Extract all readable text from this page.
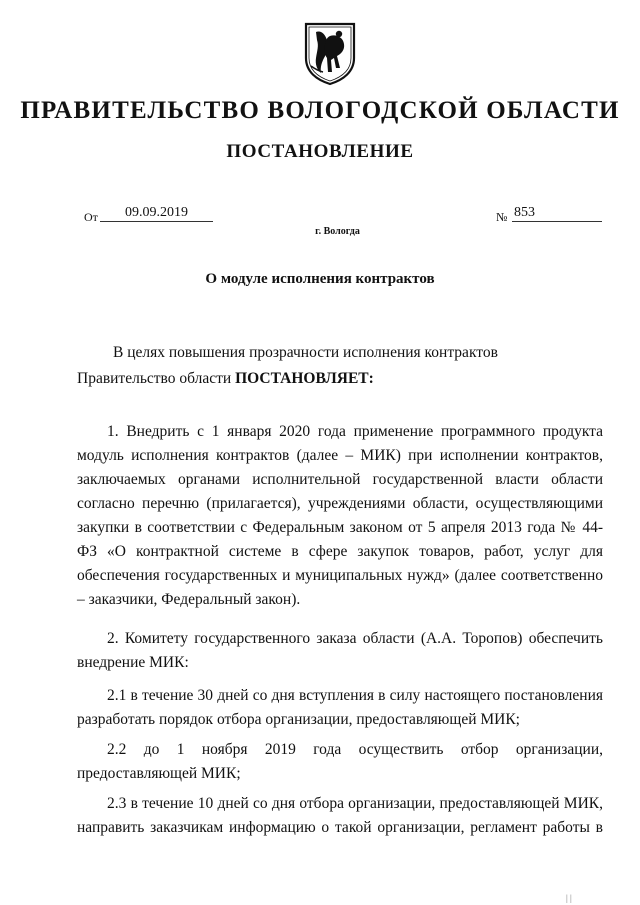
ПРАВИТЕЛЬСТВО ВОЛОГОДСКОЙ ОБЛАСТИ
ПОСТАНОВЛЕНИЕ
От	09.09.2019	№ 853
г. Вологда
О модуле исполнения контрактов
В целях повышения прозрачности исполнения контрактов
Правительство области ПОСТАНОВЛЯЕТ:

1. Внедрить с 1 января 2020 года применение программного продукта модуль исполнения контрактов (далее – МИК) при исполнении контрактов, заключаемых органами исполнительной государственной власти области согласно перечню (прилагается), учреждениями области, осуществляющими закупки в соответствии с Федеральным законом от 5 апреля 2013 года № 44-ФЗ «О контрактной системе в сфере закупок товаров, работ, услуг для обеспечения государственных и муниципальных нужд» (далее соответственно – заказчики, Федеральный закон).

2. Комитету государственного заказа области (А.А. Торопов) обеспечить внедрение МИК:

2.1 в течение 30 дней со дня вступления в силу настоящего постановления разработать порядок отбора организации, предоставляющей МИК;

2.2 до 1 ноября 2019 года осуществить отбор организации, предоставляющей МИК;

2.3 в течение 10 дней со дня отбора организации, предоставляющей МИК, направить заказчикам информацию о такой организации, регламент работы в

| |
